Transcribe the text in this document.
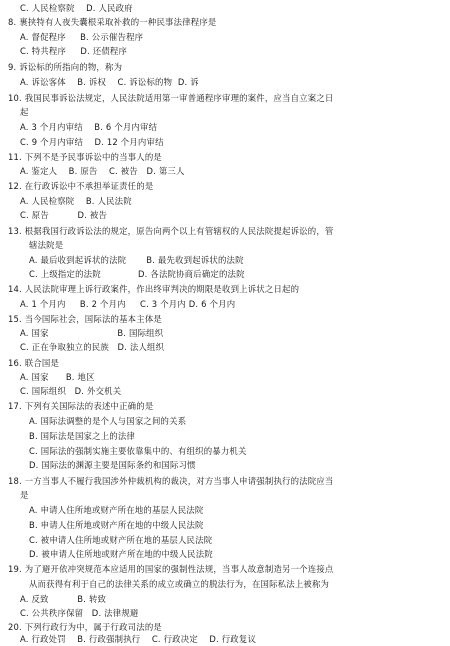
C. 人民检察院    D. 人民政府
8. 裹挟特有人夜失囊根采取补救的一种民事法律程序是
A. 督促程序     B. 公示催告程序
C. 特共程序     D. 还债程序
9. 诉讼标的所指向的物，称为
A. 诉讼客体    B. 诉权    C. 诉讼标的物  D. 诉
10. 我国民事诉讼法规定，人民法院适用第一审普通程序审理的案件，应当自立案之日
起
A. 3 个月内审结    B. 6 个月内审结
C. 9 个月内审结    D. 12 个月内审结
11. 下列不是予民事诉讼中的当事人的是
A. 鉴定人    B. 原告    C. 被告   D. 第三人
12. 在行政诉讼中不承担举证责任的是
A. 人民检察院    B. 人民法院
C. 原告          D. 被告
13. 根据我国行政诉讼法的规定，原告向两个以上有管辖权的人民法院提起诉讼的，管
辖法院是
A. 最后收到起诉状的法院       B. 最先收到起诉状的法院
C. 上级指定的法院             D. 各法院协商后确定的法院
14. 人民法院审理上诉行政案件，作出终审判决的期限是收到上诉状之日起的
A. 1 个月内     B. 2 个月内     C. 3 个月内 D. 6 个月内
15. 当今国际社会，国际法的基本主体是
A. 国家                        B. 国际组织
C. 正在争取独立的民族   D. 法人组织
16. 联合国是
A. 国家      B. 地区
C. 国际组织   D. 外交机关
17. 下列有关国际法的表述中正确的是
A. 国际法调整的是个人与国家之间的关系
B. 国际法是国家之上的法律
C. 国际法的强制实施主要依靠集中的、有组织的暴力机关
D. 国际法的渊源主要是国际条约和国际习惯
18. 一方当事人不履行我国涉外仲裁机构的裁决，对方当事人申请强制执行的法院应当
是
A. 申请人住所地或财产所在地的基层人民法院
B. 申请人住所地或财产所在地的中级人民法院
C. 被申请人住所地或财产所在地的基层人民法院
D. 被申请人住所地或财产所在地的中级人民法院
19. 为了避开依冲突规范本应适用的国家的强制性法规，当事人故意制造另一个连接点
从而获得有利于自己的法律关系的成立或确立的脱法行为，在国际私法上被称为
A. 反致          B. 转致
C. 公共秩序保留   D. 法律规避
20. 下列行政行为中，属于行政司法的是
A. 行政处罚    B. 行政强制执行    C. 行政决定    D. 行政复议
